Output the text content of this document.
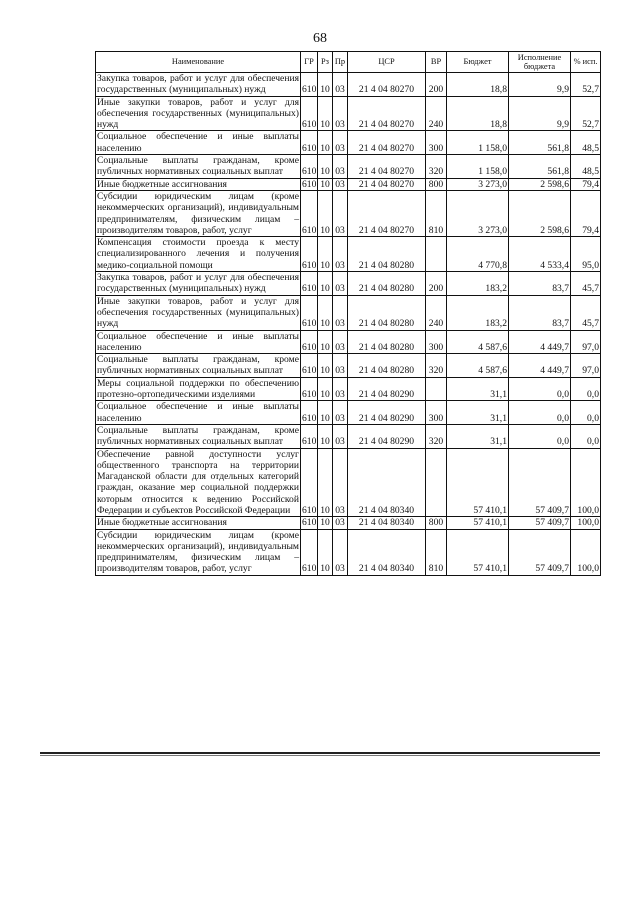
68
Наименование	ГР	Рз	Пр	ЦСР	ВР	Бюджет	Исполнение бюджета	% исп.
Закупка товаров, работ и услуг для обеспечения государственных (муниципальных) нужд	610	10	03	21 4 04 80270	200	18,8	9,9	52,7
Иные закупки товаров, работ и услуг для обеспечения государственных (муниципальных) нужд	610	10	03	21 4 04 80270	240	18,8	9,9	52,7
Социальное обеспечение и иные выплаты населению	610	10	03	21 4 04 80270	300	1 158,0	561,8	48,5
Социальные выплаты гражданам, кроме публичных нормативных социальных выплат	610	10	03	21 4 04 80270	320	1 158,0	561,8	48,5
Иные бюджетные ассигнования	610	10	03	21 4 04 80270	800	3 273,0	2 598,6	79,4
Субсидии юридическим лицам (кроме некоммерческих организаций), индивидуальным предпринимателям, физическим лицам – производителям товаров, работ, услуг	610	10	03	21 4 04 80270	810	3 273,0	2 598,6	79,4
Компенсация стоимости проезда к месту специализированного лечения и получения медико-социальной помощи	610	10	03	21 4 04 80280		4 770,8	4 533,4	95,0
Закупка товаров, работ и услуг для обеспечения государственных (муниципальных) нужд	610	10	03	21 4 04 80280	200	183,2	83,7	45,7
Иные закупки товаров, работ и услуг для обеспечения государственных (муниципальных) нужд	610	10	03	21 4 04 80280	240	183,2	83,7	45,7
Социальное обеспечение и иные выплаты населению	610	10	03	21 4 04 80280	300	4 587,6	4 449,7	97,0
Социальные выплаты гражданам, кроме публичных нормативных социальных выплат	610	10	03	21 4 04 80280	320	4 587,6	4 449,7	97,0
Меры социальной поддержки по обеспечению протезно-ортопедическими изделиями	610	10	03	21 4 04 80290		31,1	0,0	0,0
Социальное обеспечение и иные выплаты населению	610	10	03	21 4 04 80290	300	31,1	0,0	0,0
Социальные выплаты гражданам, кроме публичных нормативных социальных выплат	610	10	03	21 4 04 80290	320	31,1	0,0	0,0
Обеспечение равной доступности услуг общественного транспорта на территории Магаданской области для отдельных категорий граждан, оказание мер социальной поддержки которым относится к ведению Российской Федерации и субъектов Российской Федерации	610	10	03	21 4 04 80340		57 410,1	57 409,7	100,0
Иные бюджетные ассигнования	610	10	03	21 4 04 80340	800	57 410,1	57 409,7	100,0
Субсидии юридическим лицам (кроме некоммерческих организаций), индивидуальным предпринимателям, физическим лицам – производителям товаров, работ, услуг	610	10	03	21 4 04 80340	810	57 410,1	57 409,7	100,0
